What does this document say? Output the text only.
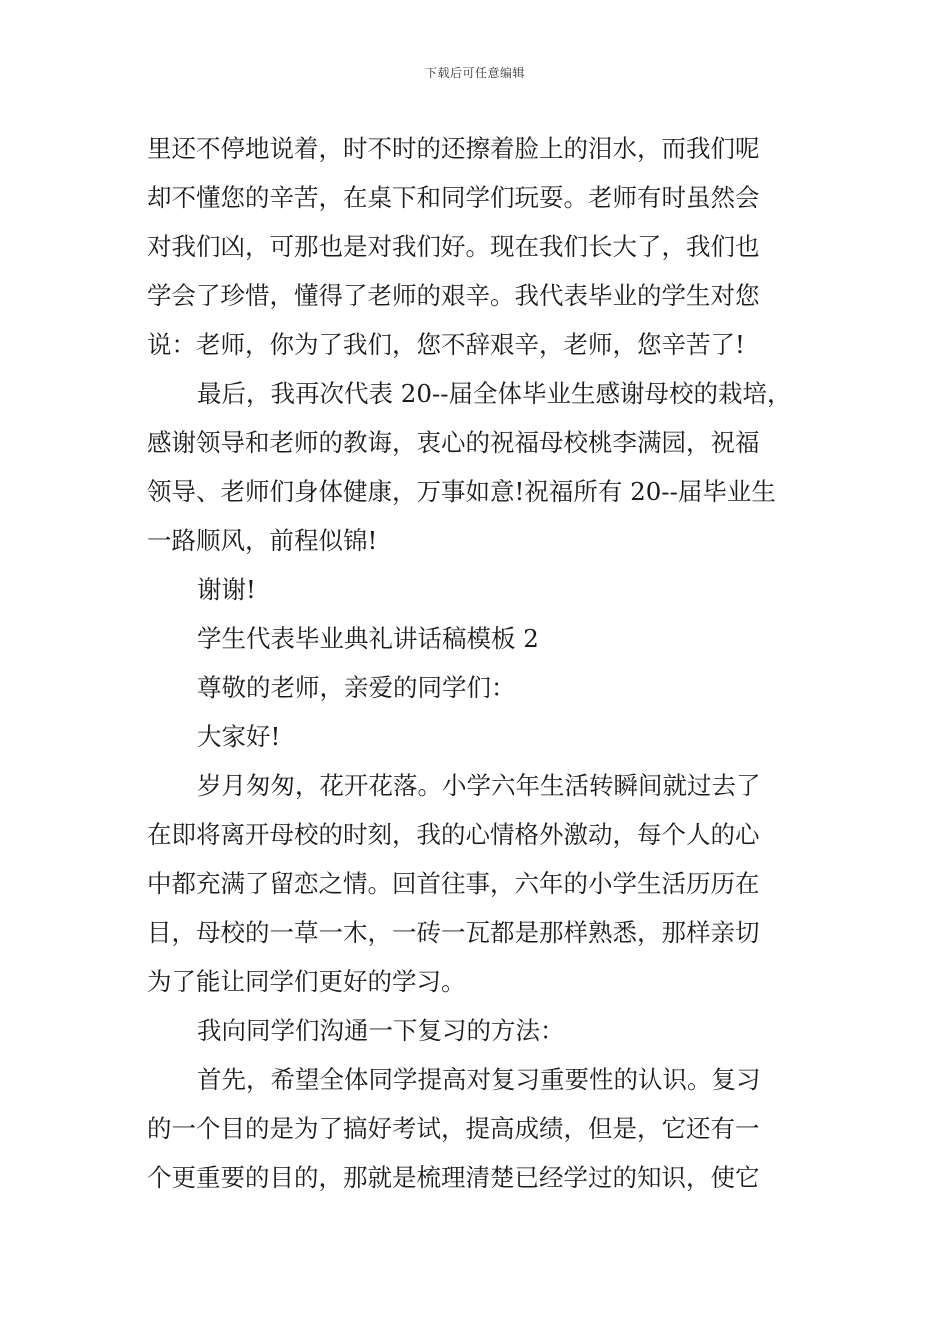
下载后可任意编辑
里还不停地说着，时不时的还擦着脸上的泪水，而我们呢
却不懂您的辛苦，在桌下和同学们玩耍。老师有时虽然会
对我们凶，可那也是对我们好。现在我们长大了，我们也
学会了珍惜，懂得了老师的艰辛。我代表毕业的学生对您
说：老师，你为了我们，您不辞艰辛，老师，您辛苦了!
最后，我再次代表 20--届全体毕业生感谢母校的栽培，
感谢领导和老师的教诲，衷心的祝福母校桃李满园，祝福
领导、老师们身体健康，万事如意!祝福所有 20--届毕业生
一路顺风，前程似锦!
谢谢!
学生代表毕业典礼讲话稿模板 2
尊敬的老师，亲爱的同学们：
大家好!
岁月匆匆，花开花落。小学六年生活转瞬间就过去了
在即将离开母校的时刻，我的心情格外激动，每个人的心
中都充满了留恋之情。回首往事，六年的小学生活历历在
目，母校的一草一木，一砖一瓦都是那样熟悉，那样亲切
为了能让同学们更好的学习。
我向同学们沟通一下复习的方法：
首先，希望全体同学提高对复习重要性的认识。复习
的一个目的是为了搞好考试，提高成绩，但是，它还有一
个更重要的目的，那就是梳理清楚已经学过的知识，使它
